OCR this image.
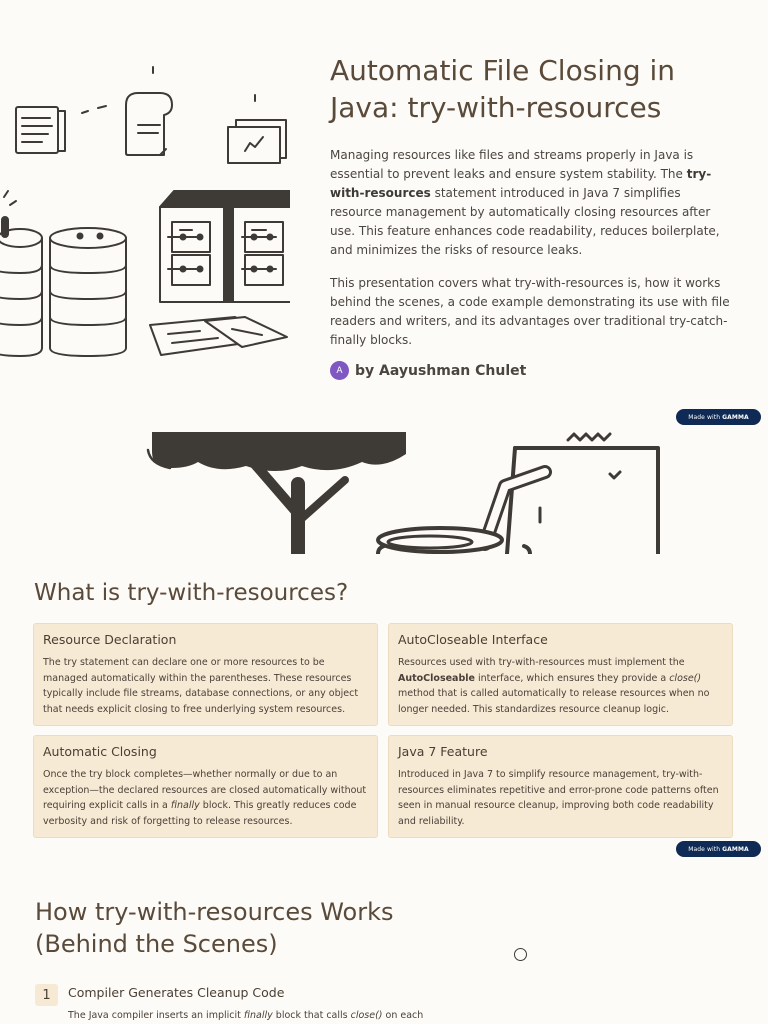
Automatic File Closing in Java: try-with-resources

Managing resources like files and streams properly in Java is essential to prevent leaks and ensure system stability. The try-with-resources statement introduced in Java 7 simplifies resource management by automatically closing resources after use. This feature enhances code readability, reduces boilerplate, and minimizes the risks of resource leaks.

This presentation covers what try-with-resources is, how it works behind the scenes, a code example demonstrating its use with file readers and writers, and its advantages over traditional try-catch-finally blocks.

A by Aayushman Chulet
Made with GAMMA
What is try-with-resources?
Resource Declaration

The try statement can declare one or more resources to be managed automatically within the parentheses. These resources typically include file streams, database connections, or any object that needs explicit closing to free underlying system resources.

AutoCloseable Interface

Resources used with try-with-resources must implement the AutoCloseable interface, which ensures they provide a close() method that is called automatically to release resources when no longer needed. This standardizes resource cleanup logic.

Automatic Closing

Once the try block completes—whether normally or due to an exception—the declared resources are closed automatically without requiring explicit calls in a finally block. This greatly reduces code verbosity and risk of forgetting to release resources.

Java 7 Feature

Introduced in Java 7 to simplify resource management, try-with-resources eliminates repetitive and error-prone code patterns often seen in manual resource cleanup, improving both code readability and reliability.

Made with GAMMA
How try-with-resources Works (Behind the Scenes)
1	Compiler Generates Cleanup Code
The Java compiler inserts an implicit finally block that calls close() on each
